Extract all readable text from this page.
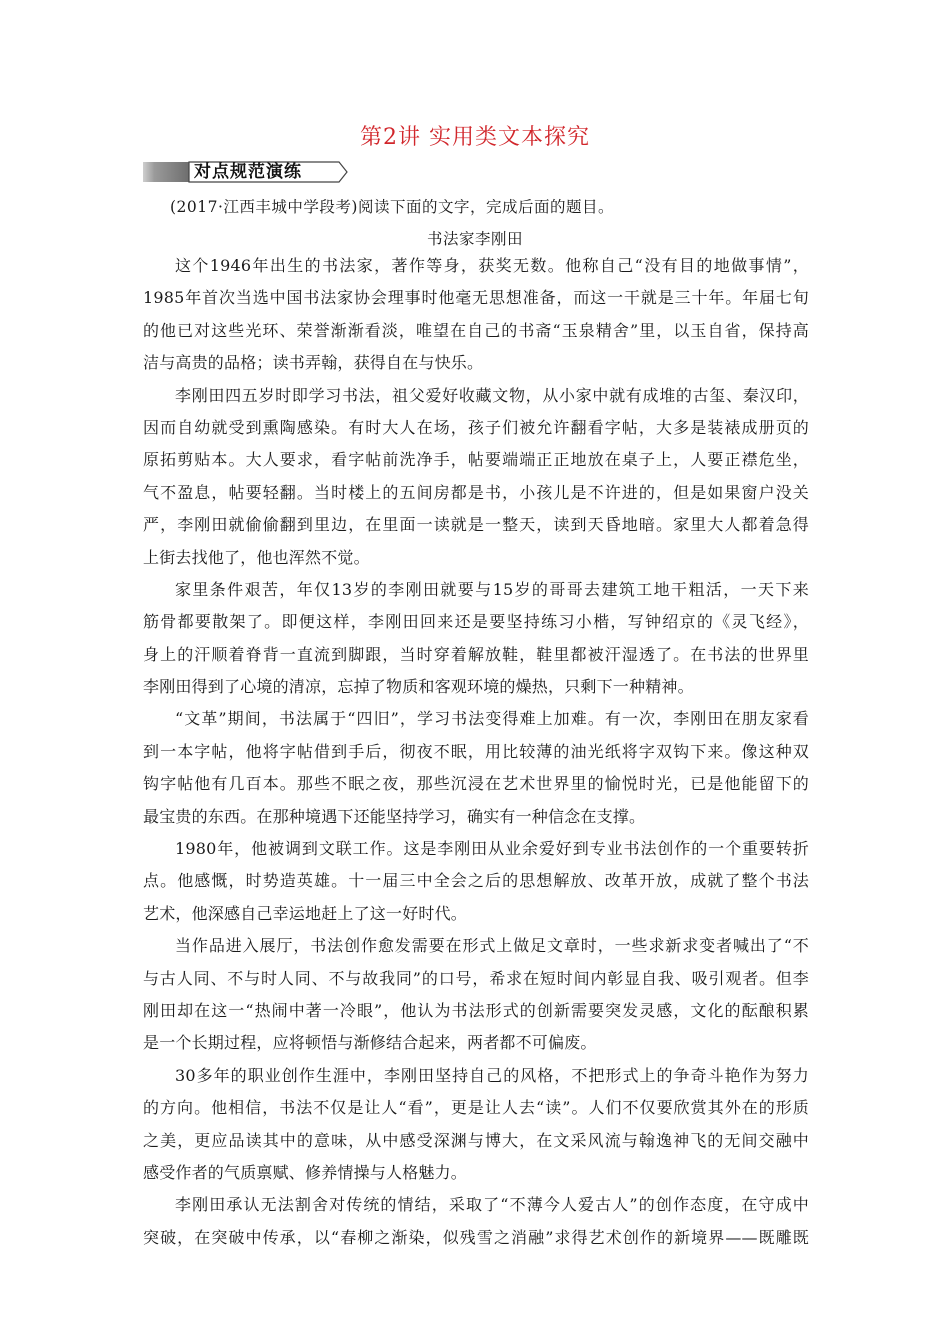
第2讲 实用类文本探究
对点规范演练
(2017·江西丰城中学段考)阅读下面的文字，完成后面的题目。
书法家李刚田
这个1946年出生的书法家，著作等身，获奖无数。他称自己“没有目的地做事情”，
1985年首次当选中国书法家协会理事时他毫无思想准备，而这一干就是三十年。年届七旬
的他已对这些光环、荣誉渐渐看淡，唯望在自己的书斋“玉泉精舍”里，以玉自省，保持高
洁与高贵的品格；读书弄翰，获得自在与快乐。
李刚田四五岁时即学习书法，祖父爱好收藏文物，从小家中就有成堆的古玺、秦汉印，
因而自幼就受到熏陶感染。有时大人在场，孩子们被允许翻看字帖，大多是装裱成册页的
原拓剪贴本。大人要求，看字帖前洗净手，帖要端端正正地放在桌子上，人要正襟危坐，
气不盈息，帖要轻翻。当时楼上的五间房都是书，小孩儿是不许进的，但是如果窗户没关
严，李刚田就偷偷翻到里边，在里面一读就是一整天，读到天昏地暗。家里大人都着急得
上街去找他了，他也浑然不觉。
家里条件艰苦，年仅13岁的李刚田就要与15岁的哥哥去建筑工地干粗活，一天下来
筋骨都要散架了。即便这样，李刚田回来还是要坚持练习小楷，写钟绍京的《灵飞经》，
身上的汗顺着脊背一直流到脚跟，当时穿着解放鞋，鞋里都被汗湿透了。在书法的世界里
李刚田得到了心境的清凉，忘掉了物质和客观环境的燥热，只剩下一种精神。
“文革”期间，书法属于“四旧”，学习书法变得难上加难。有一次，李刚田在朋友家看
到一本字帖，他将字帖借到手后，彻夜不眠，用比较薄的油光纸将字双钩下来。像这种双
钩字帖他有几百本。那些不眠之夜，那些沉浸在艺术世界里的愉悦时光，已是他能留下的
最宝贵的东西。在那种境遇下还能坚持学习，确实有一种信念在支撑。
1980年，他被调到文联工作。这是李刚田从业余爱好到专业书法创作的一个重要转折
点。他感慨，时势造英雄。十一届三中全会之后的思想解放、改革开放，成就了整个书法
艺术，他深感自己幸运地赶上了这一好时代。
当作品进入展厅，书法创作愈发需要在形式上做足文章时，一些求新求变者喊出了“不
与古人同、不与时人同、不与故我同”的口号，希求在短时间内彰显自我、吸引观者。但李
刚田却在这一“热闹中著一冷眼”，他认为书法形式的创新需要突发灵感，文化的酝酿积累
是一个长期过程，应将顿悟与渐修结合起来，两者都不可偏废。
30多年的职业创作生涯中，李刚田坚持自己的风格，不把形式上的争奇斗艳作为努力
的方向。他相信，书法不仅是让人“看”，更是让人去“读”。人们不仅要欣赏其外在的形质
之美，更应品读其中的意味，从中感受深渊与博大，在文采风流与翰逸神飞的无间交融中
感受作者的气质禀赋、修养情操与人格魅力。
李刚田承认无法割舍对传统的情结，采取了“不薄今人爱古人”的创作态度，在守成中
突破，在突破中传承，以“春柳之渐染，似残雪之消融”求得艺术创作的新境界——既雕既
